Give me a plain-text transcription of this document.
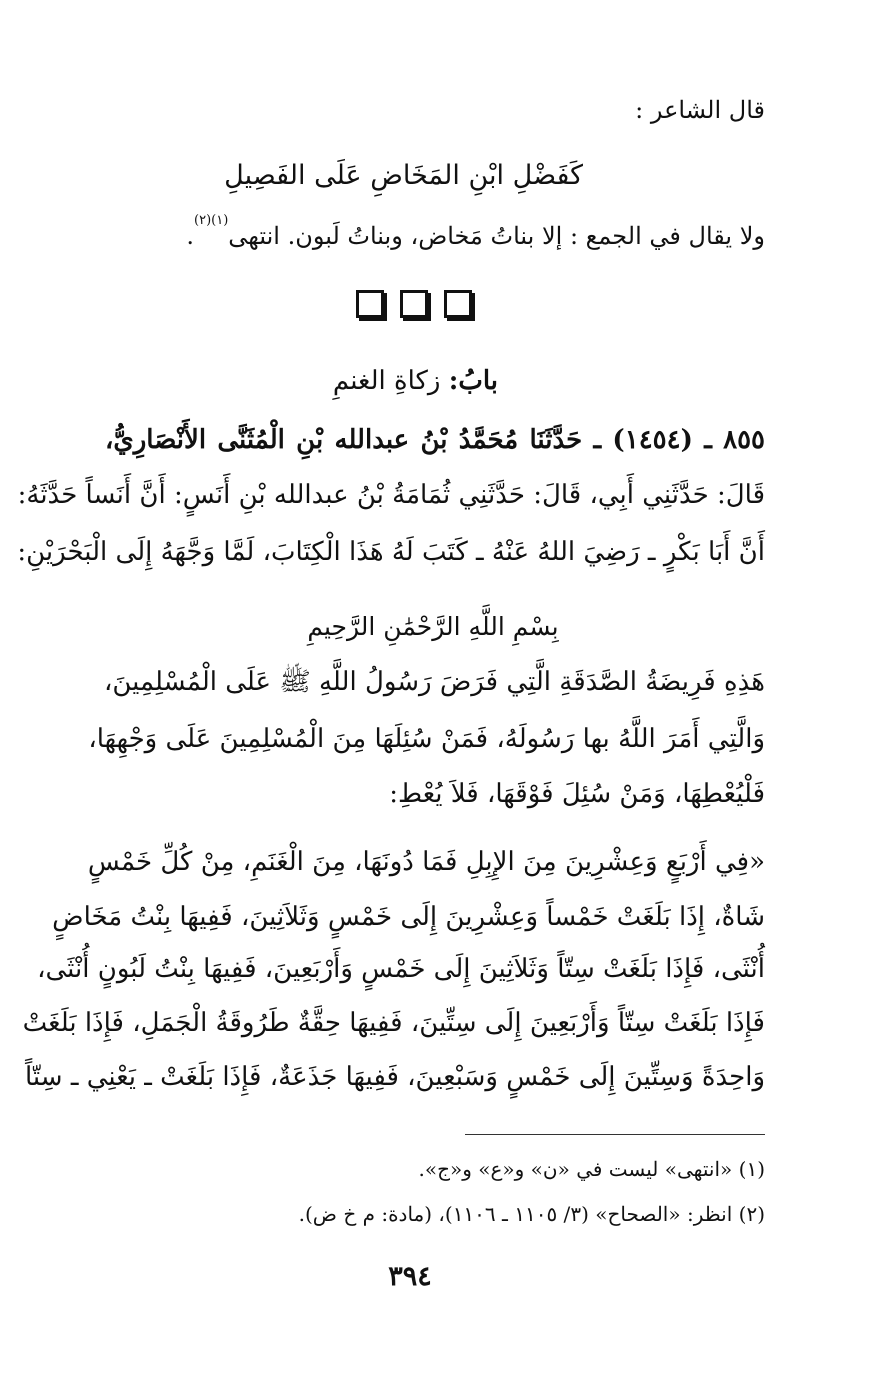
قال الشاعر :
كَفَضْلِ ابْنِ المَخَاضِ عَلَى الفَصِيلِ
ولا يقال في الجمع : إلا بناتُ مَخاض، وبناتُ لَبون. انتهى$^{(١)(٢)}$.
بابُ: زكاةِ الغنمِ
٨٥٥ ـ (١٤٥٤) ـ حَدَّثَنَا مُحَمَّدُ بْنُ عبدالله بْنِ الْمُثَنَّى الأَنْصَارِيُّ،
قَالَ: حَدَّثَنِي أَبِي، قَالَ: حَدَّثَنِي ثُمَامَةُ بْنُ عبدالله بْنِ أَنَسٍ: أَنَّ أَنَساً حَدَّثَهُ:
أَنَّ أَبَا بَكْرٍ ـ رَضِيَ اللهُ عَنْهُ ـ كَتَبَ لَهُ هَذَا الْكِتَابَ، لَمَّا وَجَّهَهُ إِلَى الْبَحْرَيْنِ:
بِسْمِ اللَّهِ الرَّحْمَٰنِ الرَّحِيمِ
هَذِهِ فَرِيضَةُ الصَّدَقَةِ الَّتِي فَرَضَ رَسُولُ اللَّهِ ﷺ عَلَى الْمُسْلِمِينَ،
وَالَّتِي أَمَرَ اللَّهُ بها رَسُولَهُ، فَمَنْ سُئِلَهَا مِنَ الْمُسْلِمِينَ عَلَى وَجْهِهَا،
فَلْيُعْطِهَا، وَمَنْ سُئِلَ فَوْقَهَا، فَلاَ يُعْطِ:
«فِي أَرْبَعٍ وَعِشْرِينَ مِنَ الإِبِلِ فَمَا دُونَهَا، مِنَ الْغَنَمِ، مِنْ كُلِّ خَمْسٍ
شَاةٌ، إِذَا بَلَغَتْ خَمْساً وَعِشْرِينَ إِلَى خَمْسٍ وَثَلاَثِينَ، فَفِيهَا بِنْتُ مَخَاضٍ
أُنْثَى، فَإِذَا بَلَغَتْ سِتّاً وَثَلاَثِينَ إِلَى خَمْسٍ وَأَرْبَعِينَ، فَفِيهَا بِنْتُ لَبُونٍ أُنْثَى،
فَإِذَا بَلَغَتْ سِتّاً وَأَرْبَعِينَ إِلَى سِتِّينَ، فَفِيهَا حِقَّةٌ طَرُوقَةُ الْجَمَلِ، فَإِذَا بَلَغَتْ
وَاحِدَةً وَسِتِّينَ إِلَى خَمْسٍ وَسَبْعِينَ، فَفِيهَا جَذَعَةٌ، فَإِذَا بَلَغَتْ ـ يَعْنِي ـ سِتّاً
(١) «انتهى» ليست في «ن» و«ع» و«ج».
(٢) انظر: «الصحاح» (٣/ ١١٠٥ ـ ١١٠٦)، (مادة: م خ ض).
٣٩٤
